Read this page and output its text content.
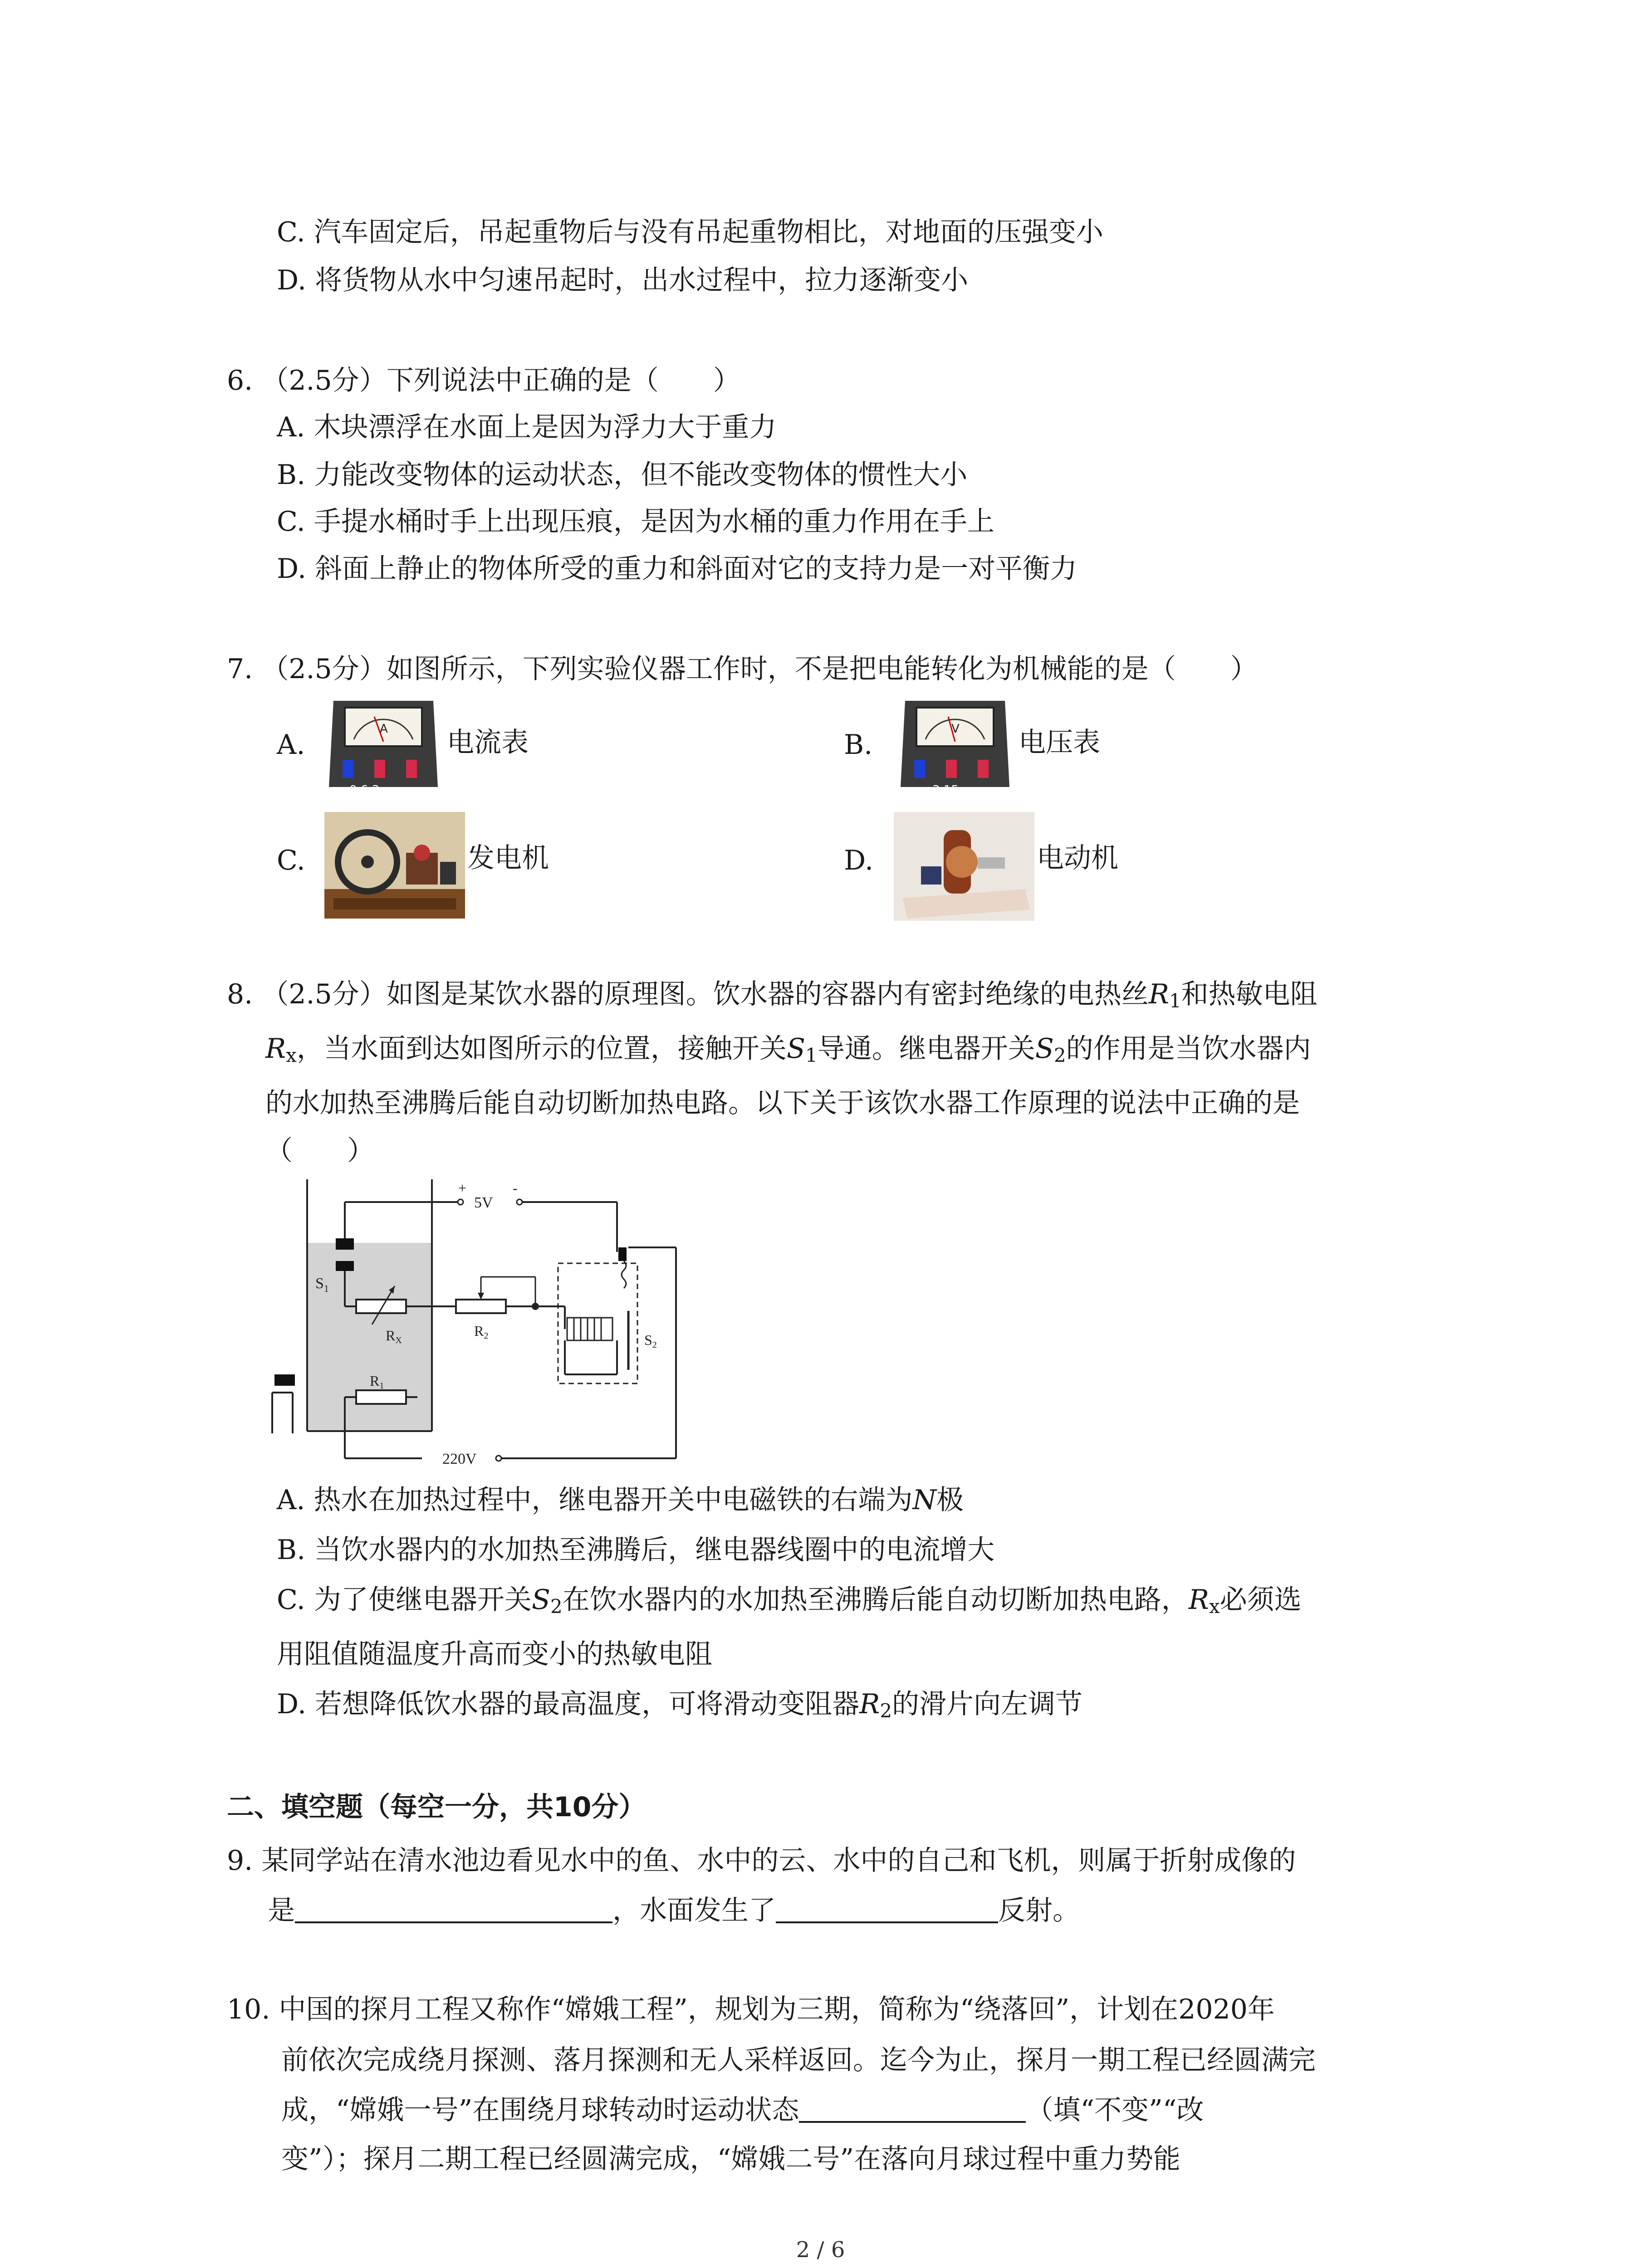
C. 汽车固定后，吊起重物后与没有吊起重物相比，对地面的压强变小
D. 将货物从水中匀速吊起时，出水过程中，拉力逐渐变小
6. （2.5分）下列说法中正确的是（　　）
A. 木块漂浮在水面上是因为浮力大于重力
B. 力能改变物体的运动状态，但不能改变物体的惯性大小
C. 手提水桶时手上出现压痕，是因为水桶的重力作用在手上
D. 斜面上静止的物体所受的重力和斜面对它的支持力是一对平衡力
7. （2.5分）如图所示，下列实验仪器工作时，不是把电能转化为机械能的是（　　）
A.	A
0.6 3
电流表	B.	V
3 15
电压表
C.	发电机	D.	电动机
8. （2.5分）如图是某饮水器的原理图。饮水器的容器内有密封绝缘的电热丝$R_1$和热敏电阻
$R_x$，当水面到达如图所示的位置，接触开关$S_1$导通。继电器开关$S_2$的作用是当饮水器内
的水加热至沸腾后能自动切断加热电路。以下关于该饮水器工作原理的说法中正确的是
（　　）
5V
+	-
$S_1$
RX
R2	S2
220V
R1
A. 热水在加热过程中，继电器开关中电磁铁的右端为N极
B. 当饮水器内的水加热至沸腾后，继电器线圈中的电流增大
C. 为了使继电器开关$S_2$在饮水器内的水加热至沸腾后能自动切断加热电路，$R_x$必须选
用阻值随温度升高而变小的热敏电阻
D. 若想降低饮水器的最高温度，可将滑动变阻器$R_2$的滑片向左调节
二、填空题（每空一分，共10分）
9. 某同学站在清水池边看见水中的鱼、水中的云、水中的自己和飞机，则属于折射成像的
是	，水面发生了	反射。
10. 中国的探月工程又称作“嫦娥工程”，规划为三期，简称为“绕落回”，计划在2020年
前依次完成绕月探测、落月探测和无人采样返回。迄今为止，探月一期工程已经圆满完
成，“嫦娥一号”在围绕月球转动时运动状态	（填“不变”“改
变”）；探月二期工程已经圆满完成，“嫦娥二号”在落向月球过程中重力势能
2 / 6
